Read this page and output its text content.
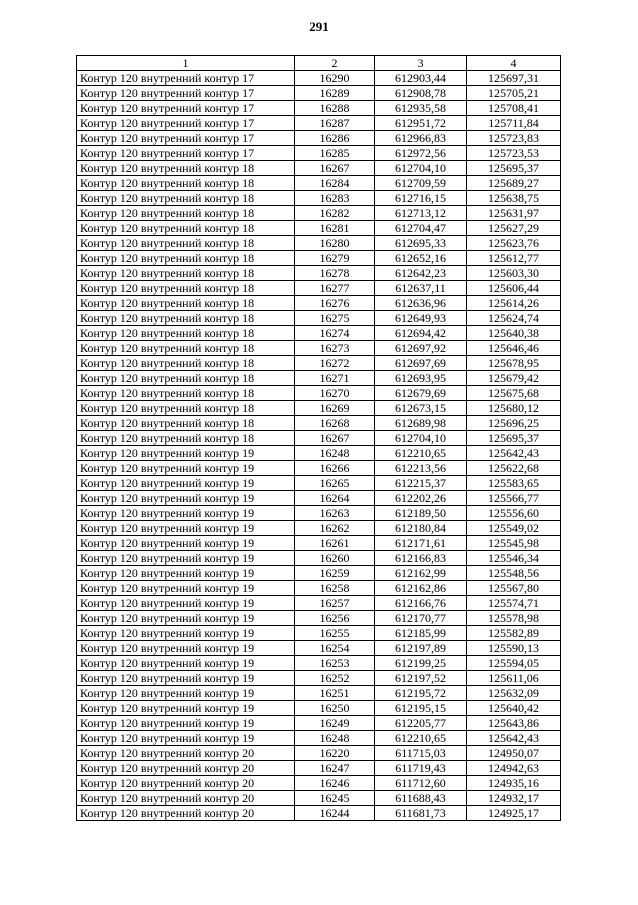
291
1	2	3	4
Контур 120 внутренний контур 17	16290	612903,44	125697,31
Контур 120 внутренний контур 17	16289	612908,78	125705,21
Контур 120 внутренний контур 17	16288	612935,58	125708,41
Контур 120 внутренний контур 17	16287	612951,72	125711,84
Контур 120 внутренний контур 17	16286	612966,83	125723,83
Контур 120 внутренний контур 17	16285	612972,56	125723,53
Контур 120 внутренний контур 18	16267	612704,10	125695,37
Контур 120 внутренний контур 18	16284	612709,59	125689,27
Контур 120 внутренний контур 18	16283	612716,15	125638,75
Контур 120 внутренний контур 18	16282	612713,12	125631,97
Контур 120 внутренний контур 18	16281	612704,47	125627,29
Контур 120 внутренний контур 18	16280	612695,33	125623,76
Контур 120 внутренний контур 18	16279	612652,16	125612,77
Контур 120 внутренний контур 18	16278	612642,23	125603,30
Контур 120 внутренний контур 18	16277	612637,11	125606,44
Контур 120 внутренний контур 18	16276	612636,96	125614,26
Контур 120 внутренний контур 18	16275	612649,93	125624,74
Контур 120 внутренний контур 18	16274	612694,42	125640,38
Контур 120 внутренний контур 18	16273	612697,92	125646,46
Контур 120 внутренний контур 18	16272	612697,69	125678,95
Контур 120 внутренний контур 18	16271	612693,95	125679,42
Контур 120 внутренний контур 18	16270	612679,69	125675,68
Контур 120 внутренний контур 18	16269	612673,15	125680,12
Контур 120 внутренний контур 18	16268	612689,98	125696,25
Контур 120 внутренний контур 18	16267	612704,10	125695,37
Контур 120 внутренний контур 19	16248	612210,65	125642,43
Контур 120 внутренний контур 19	16266	612213,56	125622,68
Контур 120 внутренний контур 19	16265	612215,37	125583,65
Контур 120 внутренний контур 19	16264	612202,26	125566,77
Контур 120 внутренний контур 19	16263	612189,50	125556,60
Контур 120 внутренний контур 19	16262	612180,84	125549,02
Контур 120 внутренний контур 19	16261	612171,61	125545,98
Контур 120 внутренний контур 19	16260	612166,83	125546,34
Контур 120 внутренний контур 19	16259	612162,99	125548,56
Контур 120 внутренний контур 19	16258	612162,86	125567,80
Контур 120 внутренний контур 19	16257	612166,76	125574,71
Контур 120 внутренний контур 19	16256	612170,77	125578,98
Контур 120 внутренний контур 19	16255	612185,99	125582,89
Контур 120 внутренний контур 19	16254	612197,89	125590,13
Контур 120 внутренний контур 19	16253	612199,25	125594,05
Контур 120 внутренний контур 19	16252	612197,52	125611,06
Контур 120 внутренний контур 19	16251	612195,72	125632,09
Контур 120 внутренний контур 19	16250	612195,15	125640,42
Контур 120 внутренний контур 19	16249	612205,77	125643,86
Контур 120 внутренний контур 19	16248	612210,65	125642,43
Контур 120 внутренний контур 20	16220	611715,03	124950,07
Контур 120 внутренний контур 20	16247	611719,43	124942,63
Контур 120 внутренний контур 20	16246	611712,60	124935,16
Контур 120 внутренний контур 20	16245	611688,43	124932,17
Контур 120 внутренний контур 20	16244	611681,73	124925,17
